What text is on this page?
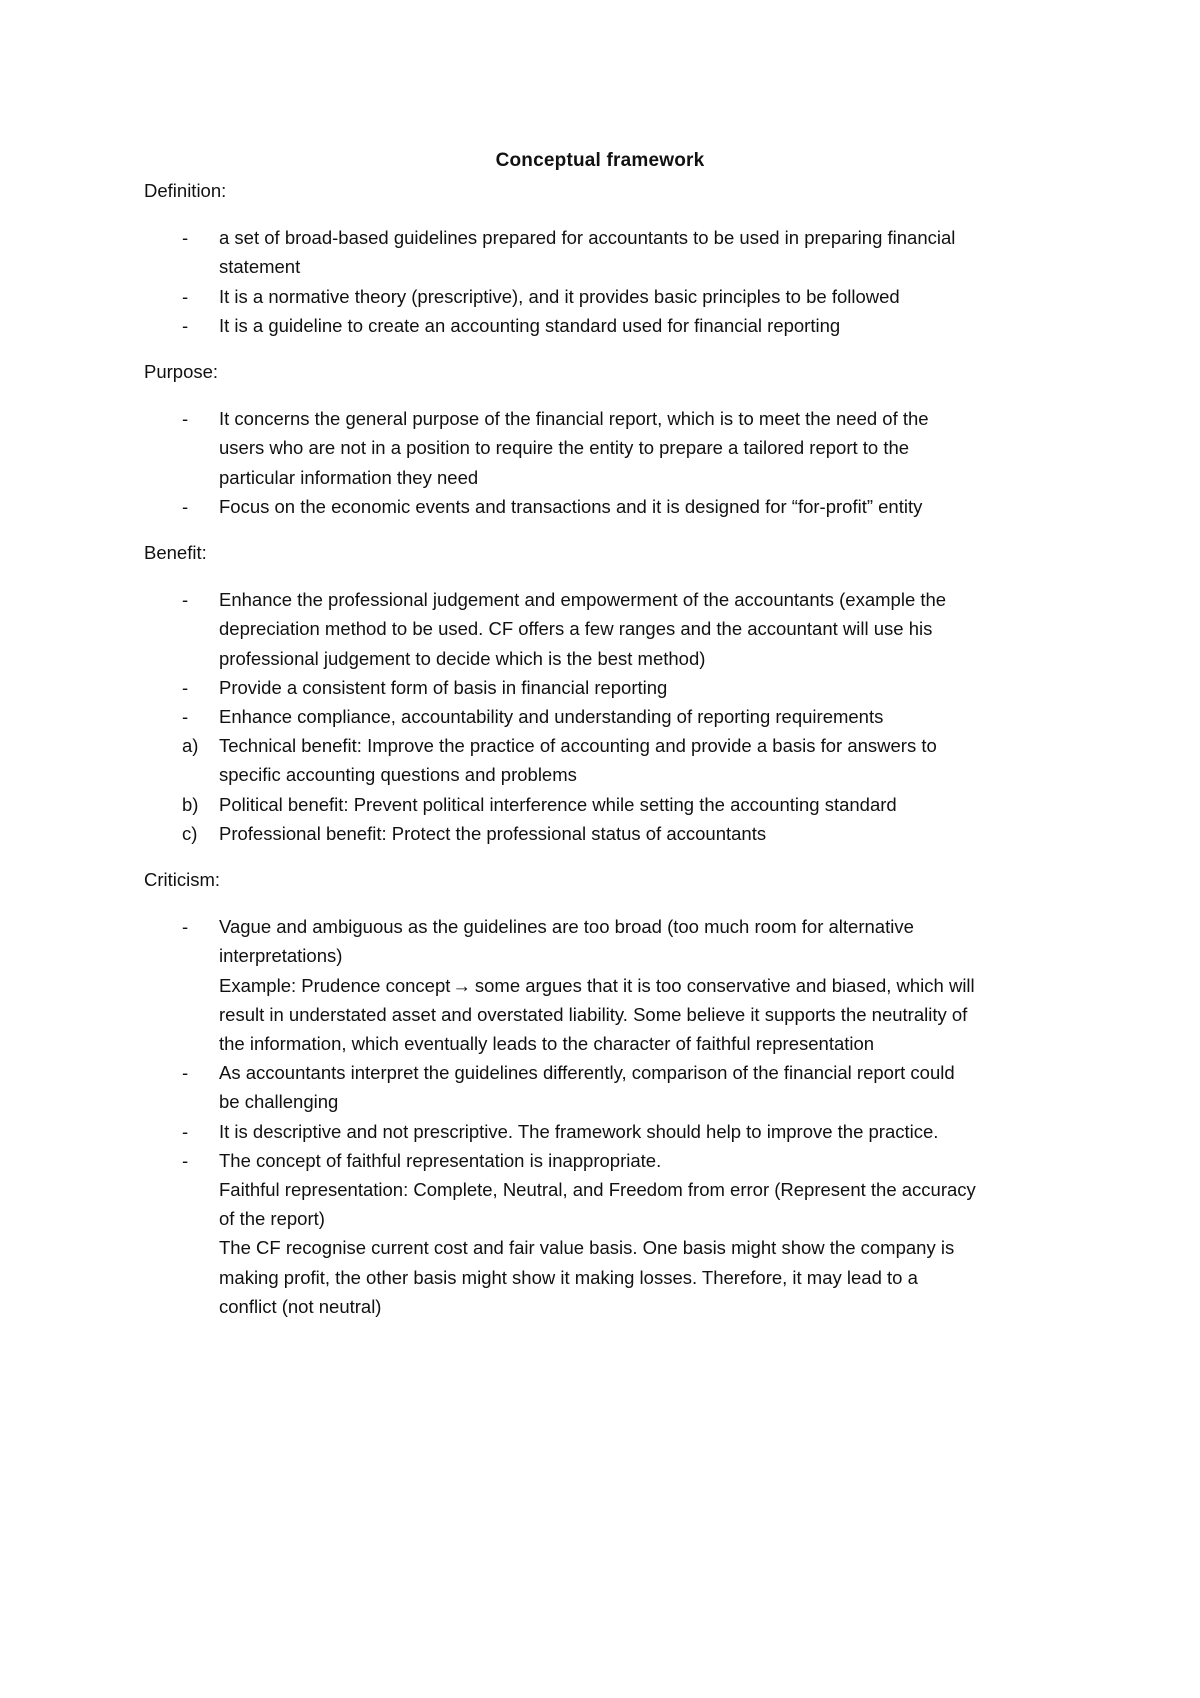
Conceptual framework
Definition:
- a set of broad-based guidelines prepared for accountants to be used in preparing financial
statement
- It is a normative theory (prescriptive), and it provides basic principles to be followed
- It is a guideline to create an accounting standard used for financial reporting
Purpose:
- It concerns the general purpose of the financial report, which is to meet the need of the
users who are not in a position to require the entity to prepare a tailored report to the
particular information they need
- Focus on the economic events and transactions and it is designed for “for-profit” entity
Benefit:
- Enhance the professional judgement and empowerment of the accountants (example the
depreciation method to be used. CF offers a few ranges and the accountant will use his
professional judgement to decide which is the best method)
- Provide a consistent form of basis in financial reporting
- Enhance compliance, accountability and understanding of reporting requirements
a) Technical benefit: Improve the practice of accounting and provide a basis for answers to
specific accounting questions and problems
b) Political benefit: Prevent political interference while setting the accounting standard
c) Professional benefit: Protect the professional status of accountants
Criticism:
- Vague and ambiguous as the guidelines are too broad (too much room for alternative
interpretations)
Example: Prudence concept → some argues that it is too conservative and biased, which will
result in understated asset and overstated liability. Some believe it supports the neutrality of
the information, which eventually leads to the character of faithful representation
- As accountants interpret the guidelines differently, comparison of the financial report could
be challenging
- It is descriptive and not prescriptive. The framework should help to improve the practice.
- The concept of faithful representation is inappropriate.
Faithful representation: Complete, Neutral, and Freedom from error (Represent the accuracy
of the report)
The CF recognise current cost and fair value basis. One basis might show the company is
making profit, the other basis might show it making losses. Therefore, it may lead to a
conflict (not neutral)
